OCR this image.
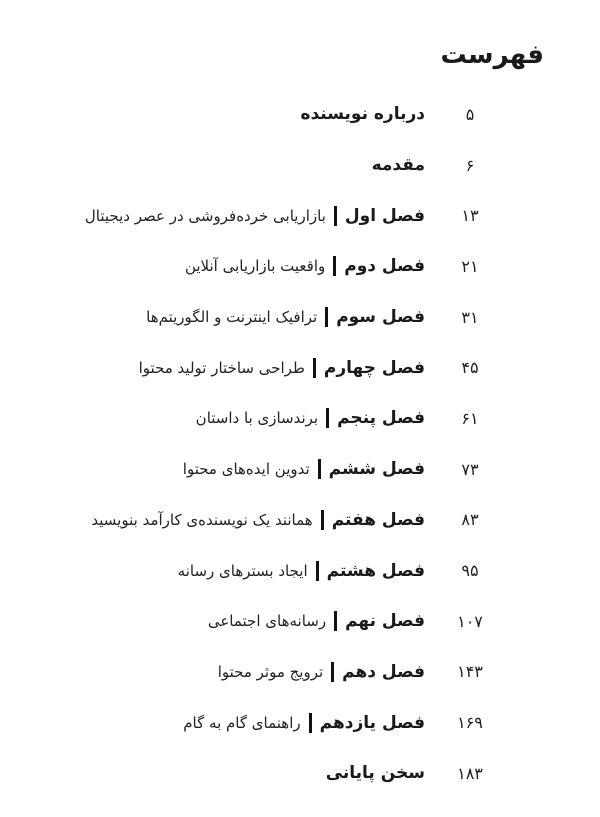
فهرست
۵
درباره نویسنده
۶
مقدمه
۱۳
فصل اول
بازاریابی خرده‌فروشی در عصر دیجیتال
۲۱
فصل دوم
واقعیت بازاریابی آنلاین
۳۱
فصل سوم
ترافیک اینترنت و الگوریتم‌ها
۴۵
فصل چهارم
طراحی ساختار تولید محتوا
۶۱
فصل پنجم
برندسازی با داستان
۷۳
فصل ششم
تدوین ایده‌های محتوا
۸۳
فصل هفتم
همانند یک نویسنده‌ی کارآمد بنویسید
۹۵
فصل هشتم
ایجاد بسترهای رسانه
۱۰۷
فصل نهم
رسانه‌های اجتماعی
۱۴۳
فصل دهم
ترویج موثر محتوا
۱۶۹
فصل یازدهم
راهنمای گام به گام
۱۸۳
سخن پایانی
